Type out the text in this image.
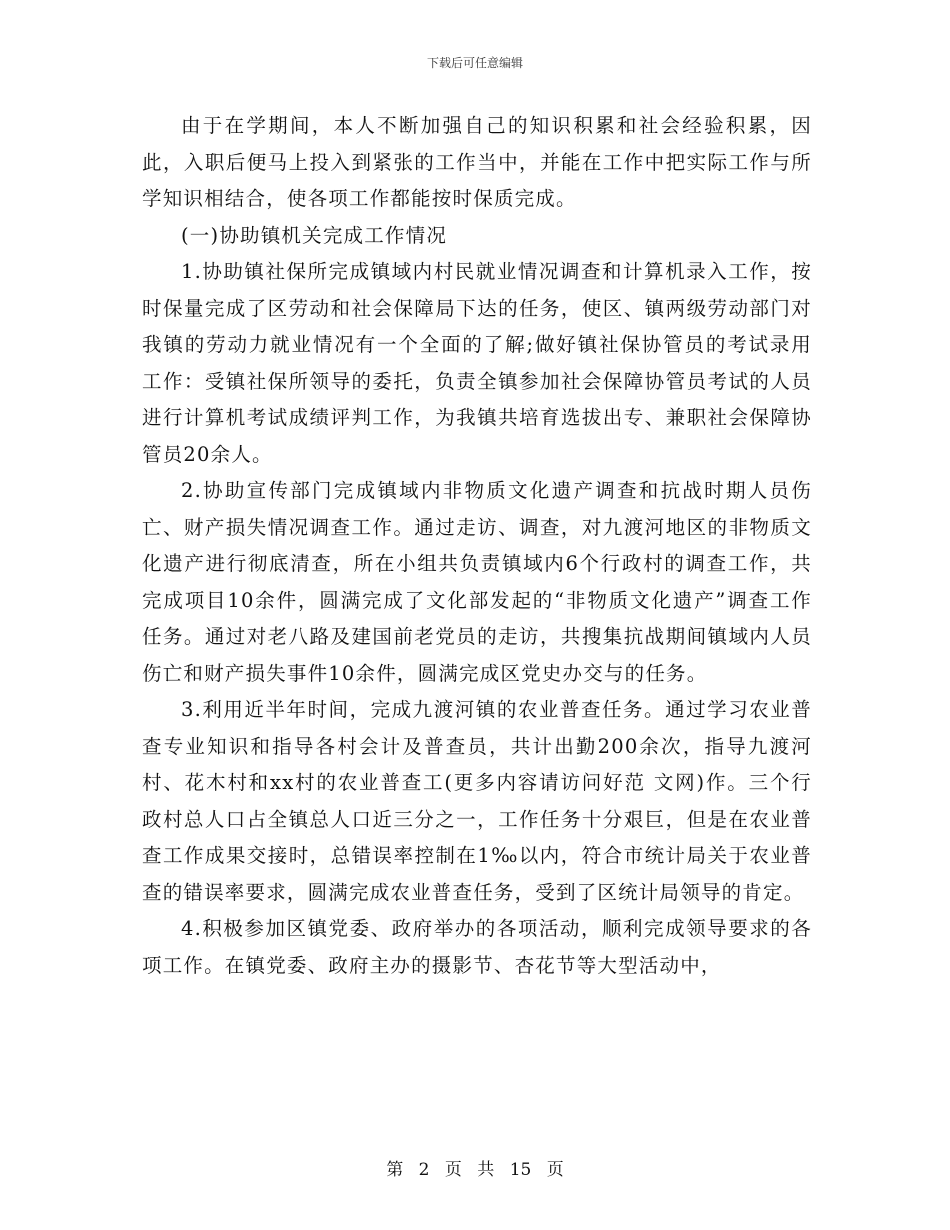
下载后可任意编辑

由于在学期间，本人不断加强自己的知识积累和社会经验积累，因此，入职后便马上投入到紧张的工作当中，并能在工作中把实际工作与所学知识相结合，使各项工作都能按时保质完成。

(一)协助镇机关完成工作情况

1.协助镇社保所完成镇域内村民就业情况调查和计算机录入工作，按时保量完成了区劳动和社会保障局下达的任务，使区、镇两级劳动部门对我镇的劳动力就业情况有一个全面的了解;做好镇社保协管员的考试录用工作：受镇社保所领导的委托，负责全镇参加社会保障协管员考试的人员进行计算机考试成绩评判工作，为我镇共培育选拔出专、兼职社会保障协管员20余人。

2.协助宣传部门完成镇域内非物质文化遗产调查和抗战时期人员伤亡、财产损失情况调查工作。通过走访、调查，对九渡河地区的非物质文化遗产进行彻底清查，所在小组共负责镇域内6个行政村的调查工作，共完成项目10余件，圆满完成了文化部发起的“非物质文化遗产”调查工作任务。通过对老八路及建国前老党员的走访，共搜集抗战期间镇域内人员伤亡和财产损失事件10余件，圆满完成区党史办交与的任务。

3.利用近半年时间，完成九渡河镇的农业普查任务。通过学习农业普查专业知识和指导各村会计及普查员，共计出勤200余次，指导九渡河村、花木村和xx村的农业普查工(更多内容请访问好范 文网)作。三个行政村总人口占全镇总人口近三分之一，工作任务十分艰巨，但是在农业普查工作成果交接时，总错误率控制在1‰以内，符合市统计局关于农业普查的错误率要求，圆满完成农业普查任务，受到了区统计局领导的肯定。

4.积极参加区镇党委、政府举办的各项活动，顺利完成领导要求的各项工作。在镇党委、政府主办的摄影节、杏花节等大型活动中，

第 2 页 共 15 页
